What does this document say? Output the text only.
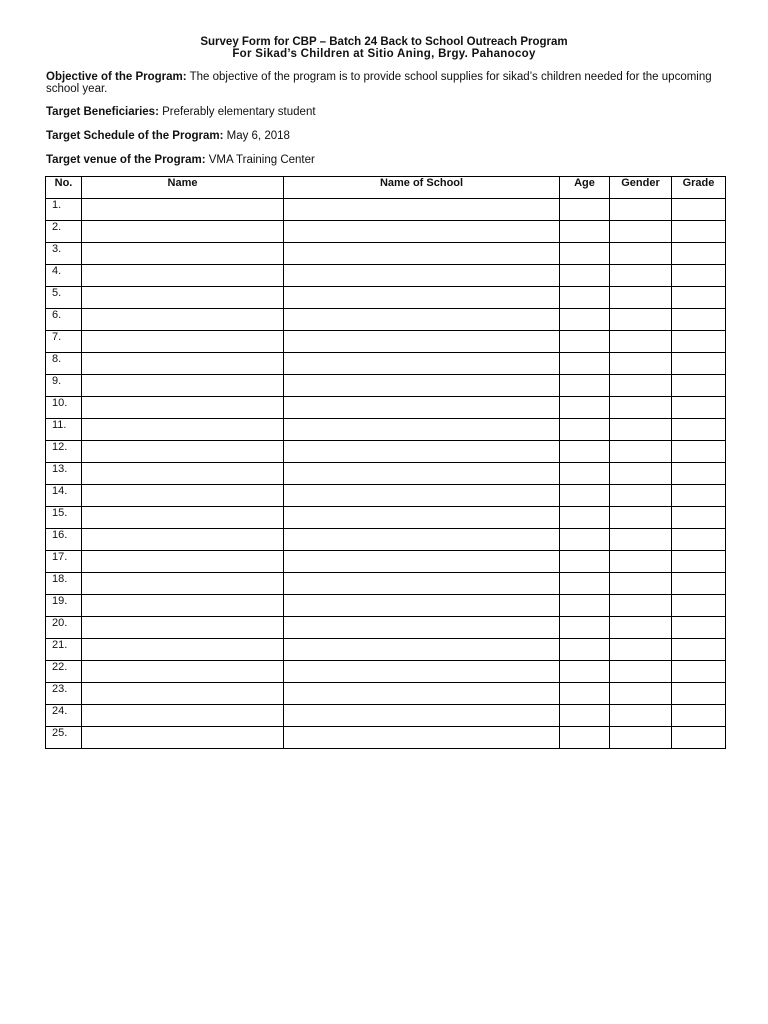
Survey Form for CBP – Batch 24 Back to School Outreach Program
For Sikad’s Children at Sitio Aning, Brgy. Pahanocoy
Objective of the Program: The objective of the program is to provide school supplies for sikad’s children needed for the upcoming school year.
Target Beneficiaries: Preferably elementary student
Target Schedule of the Program: May 6, 2018
Target venue of the Program: VMA Training Center
No.	Name	Name of School	Age	Gender	Grade
1.					
2.					
3.					
4.					
5.					
6.					
7.					
8.					
9.					
10.					
11.					
12.					
13.					
14.					
15.					
16.					
17.					
18.					
19.					
20.					
21.					
22.					
23.					
24.					
25.					
